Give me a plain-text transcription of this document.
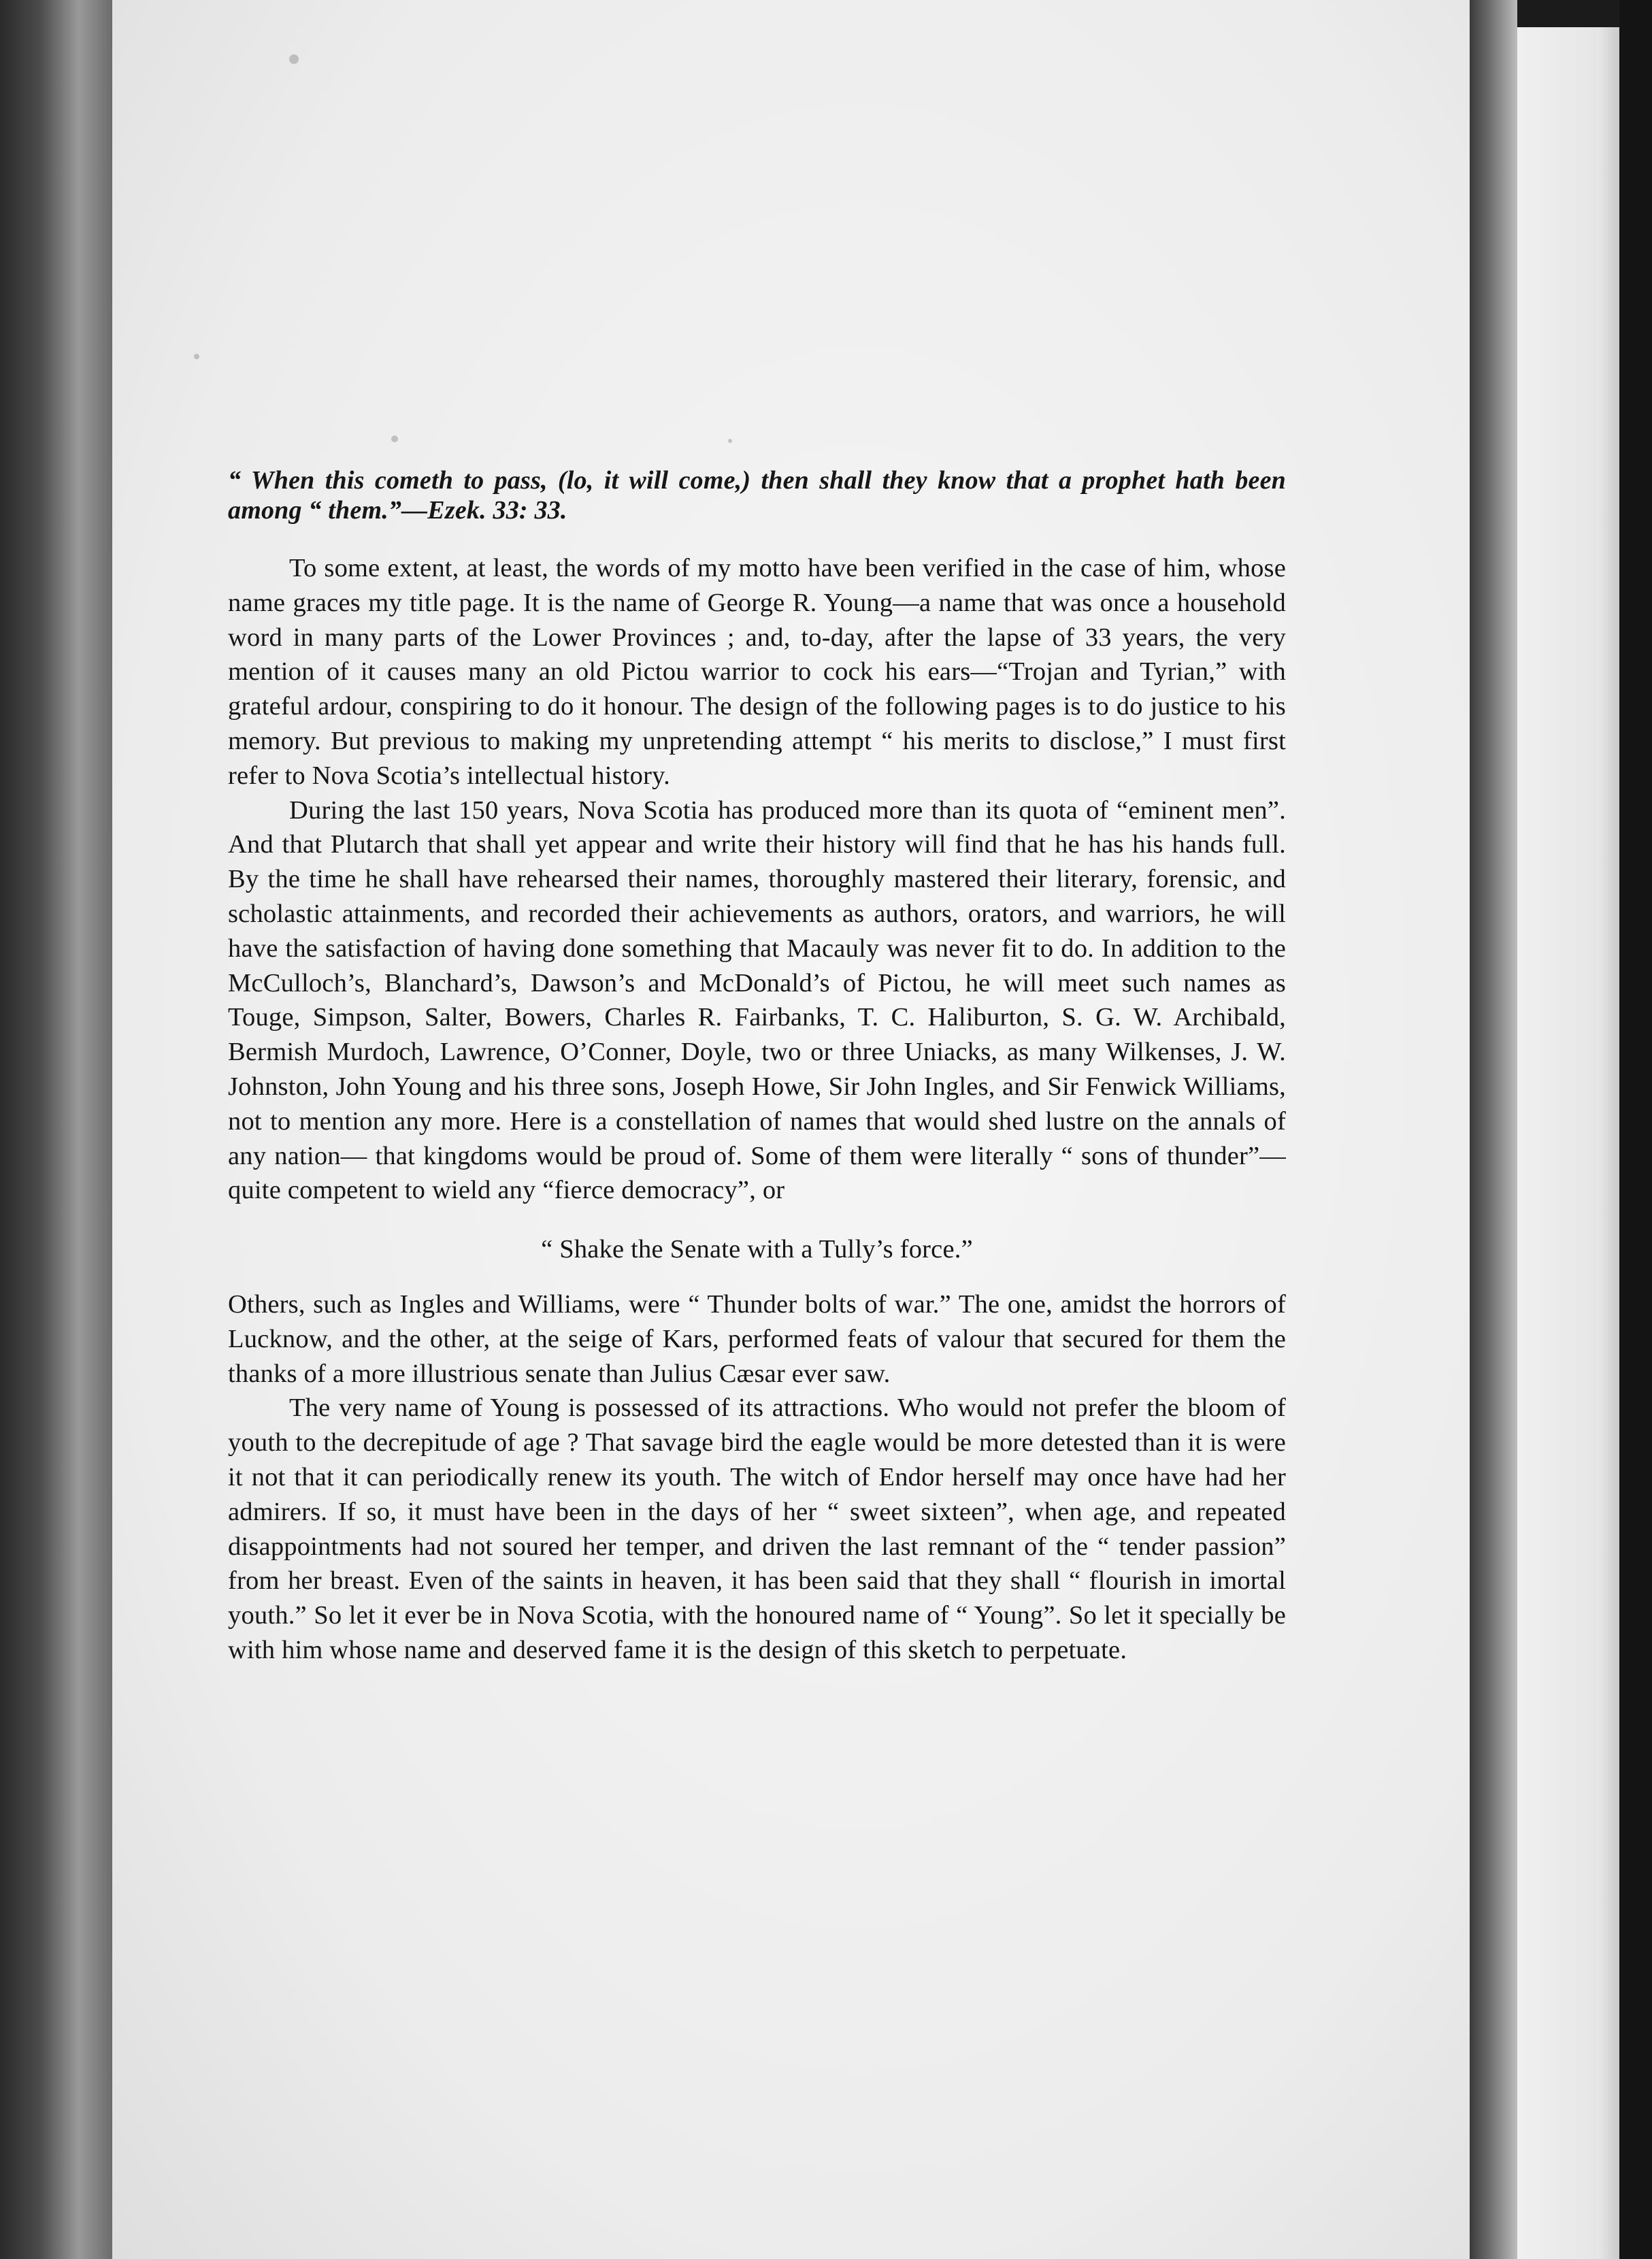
“ When this cometh to pass, (lo, it will come,) then shall they know that a prophet hath been among “ them.”—Ezek. 33: 33.

To some extent, at least, the words of my motto have been verified in the case of him, whose name graces my title page. It is the name of George R. Young—a name that was once a household word in many parts of the Lower Provinces ; and, to-day, after the lapse of 33 years, the very mention of it causes many an old Pictou warrior to cock his ears—“Trojan and Tyrian,” with grateful ardour, conspiring to do it honour. The design of the following pages is to do justice to his memory. But previous to making my unpretending attempt “ his merits to disclose,” I must first refer to Nova Scotia’s intellectual history.

During the last 150 years, Nova Scotia has produced more than its quota of “eminent men”. And that Plutarch that shall yet appear and write their history will find that he has his hands full. By the time he shall have rehearsed their names, thoroughly mastered their literary, forensic, and scholastic attainments, and recorded their achievements as authors, orators, and warriors, he will have the satisfaction of having done something that Macauly was never fit to do. In addition to the McCulloch’s, Blanchard’s, Dawson’s and McDonald’s of Pictou, he will meet such names as Touge, Simpson, Salter, Bowers, Charles R. Fairbanks, T. C. Haliburton, S. G. W. Archibald, Bermish Murdoch, Lawrence, O’Conner, Doyle, two or three Uniacks, as many Wilkenses, J. W. Johnston, John Young and his three sons, Joseph Howe, Sir John Ingles, and Sir Fenwick Williams, not to mention any more. Here is a constellation of names that would shed lustre on the annals of any nation— that kingdoms would be proud of. Some of them were literally “ sons of thunder”— quite competent to wield any “fierce democracy”, or

“ Shake the Senate with a Tully’s force.”

Others, such as Ingles and Williams, were “ Thunder bolts of war.” The one, amidst the horrors of Lucknow, and the other, at the seige of Kars, performed feats of valour that secured for them the thanks of a more illustrious senate than Julius Cæsar ever saw.

The very name of Young is possessed of its attractions. Who would not prefer the bloom of youth to the decrepitude of age ? That savage bird the eagle would be more detested than it is were it not that it can periodically renew its youth. The witch of Endor herself may once have had her admirers. If so, it must have been in the days of her “ sweet sixteen”, when age, and repeated disappointments had not soured her temper, and driven the last remnant of the “ tender passion” from her breast. Even of the saints in heaven, it has been said that they shall “ flourish in imortal youth.” So let it ever be in Nova Scotia, with the honoured name of “ Young”. So let it specially be with him whose name and deserved fame it is the design of this sketch to perpetuate.
